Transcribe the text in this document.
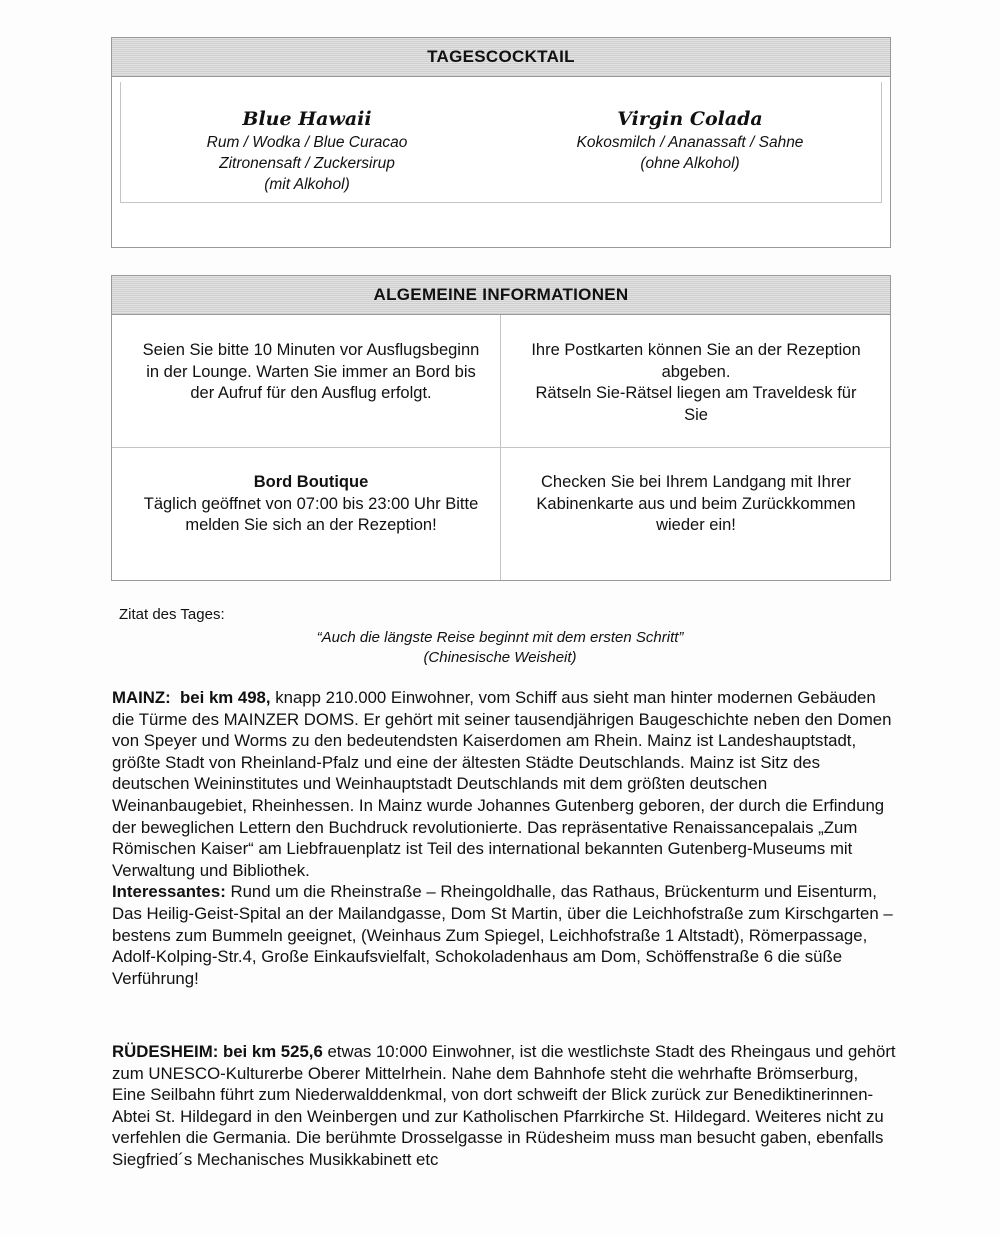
TAGESCOCKTAIL
Blue Hawaii
Rum / Wodka / Blue Curacao
Zitronensaft / Zuckersirup
(mit Alkohol)
Virgin Colada
Kokosmilch / Ananassaft / Sahne
(ohne Alkohol)
ALGEMEINE INFORMATIONEN
Seien Sie bitte 10 Minuten vor Ausflugsbeginn in der Lounge. Warten Sie immer an Bord bis der Aufruf für den Ausflug erfolgt.
Ihre Postkarten können Sie an der Rezeption abgeben.
Rätseln Sie-Rätsel liegen am Traveldesk für Sie
Bord Boutique
Täglich geöffnet von 07:00 bis 23:00 Uhr Bitte melden Sie sich an der Rezeption!
Checken Sie bei Ihrem Landgang mit Ihrer Kabinenkarte aus und beim Zurückkommen wieder ein!
Zitat des Tages:
“Auch die längste Reise beginnt mit dem ersten Schritt”
(Chinesische Weisheit)

MAINZ: bei km 498, knapp 210.000 Einwohner, vom Schiff aus sieht man hinter modernen Gebäuden die Türme des MAINZER DOMS. Er gehört mit seiner tausendjährigen Baugeschichte neben den Domen von Speyer und Worms zu den bedeutendsten Kaiserdomen am Rhein. Mainz ist Landeshauptstadt, größte Stadt von Rheinland-Pfalz und eine der ältesten Städte Deutschlands. Mainz ist Sitz des deutschen Weininstitutes und Weinhauptstadt Deutschlands mit dem größten deutschen Weinanbaugebiet, Rheinhessen. In Mainz wurde Johannes Gutenberg geboren, der durch die Erfindung der beweglichen Lettern den Buchdruck revolutionierte. Das repräsentative Renaissancepalais „Zum Römischen Kaiser“ am Liebfrauenplatz ist Teil des international bekannten Gutenberg-Museums mit Verwaltung und Bibliothek.

Interessantes: Rund um die Rheinstraße – Rheingoldhalle, das Rathaus, Brückenturm und Eisenturm, Das Heilig-Geist-Spital an der Mailandgasse, Dom St Martin, über die Leichhofstraße zum Kirschgarten – bestens zum Bummeln geeignet, (Weinhaus Zum Spiegel, Leichhofstraße 1 Altstadt), Römerpassage, Adolf-Kolping-Str.4, Große Einkaufsvielfalt, Schokoladenhaus am Dom, Schöffenstraße 6 die süße Verführung!

RÜDESHEIM: bei km 525,6 etwas 10:000 Einwohner, ist die westlichste Stadt des Rheingaus und gehört zum UNESCO-Kulturerbe Oberer Mittelrhein. Nahe dem Bahnhofe steht die wehrhafte Brömserburg,

Eine Seilbahn führt zum Niederwalddenkmal, von dort schweift der Blick zurück zur Benediktinerinnen-Abtei St. Hildegard in den Weinbergen und zur Katholischen Pfarrkirche St. Hildegard. Weiteres nicht zu verfehlen die Germania. Die berühmte Drosselgasse in Rüdesheim muss man besucht gaben, ebenfalls Siegfried´s Mechanisches Musikkabinett etc
